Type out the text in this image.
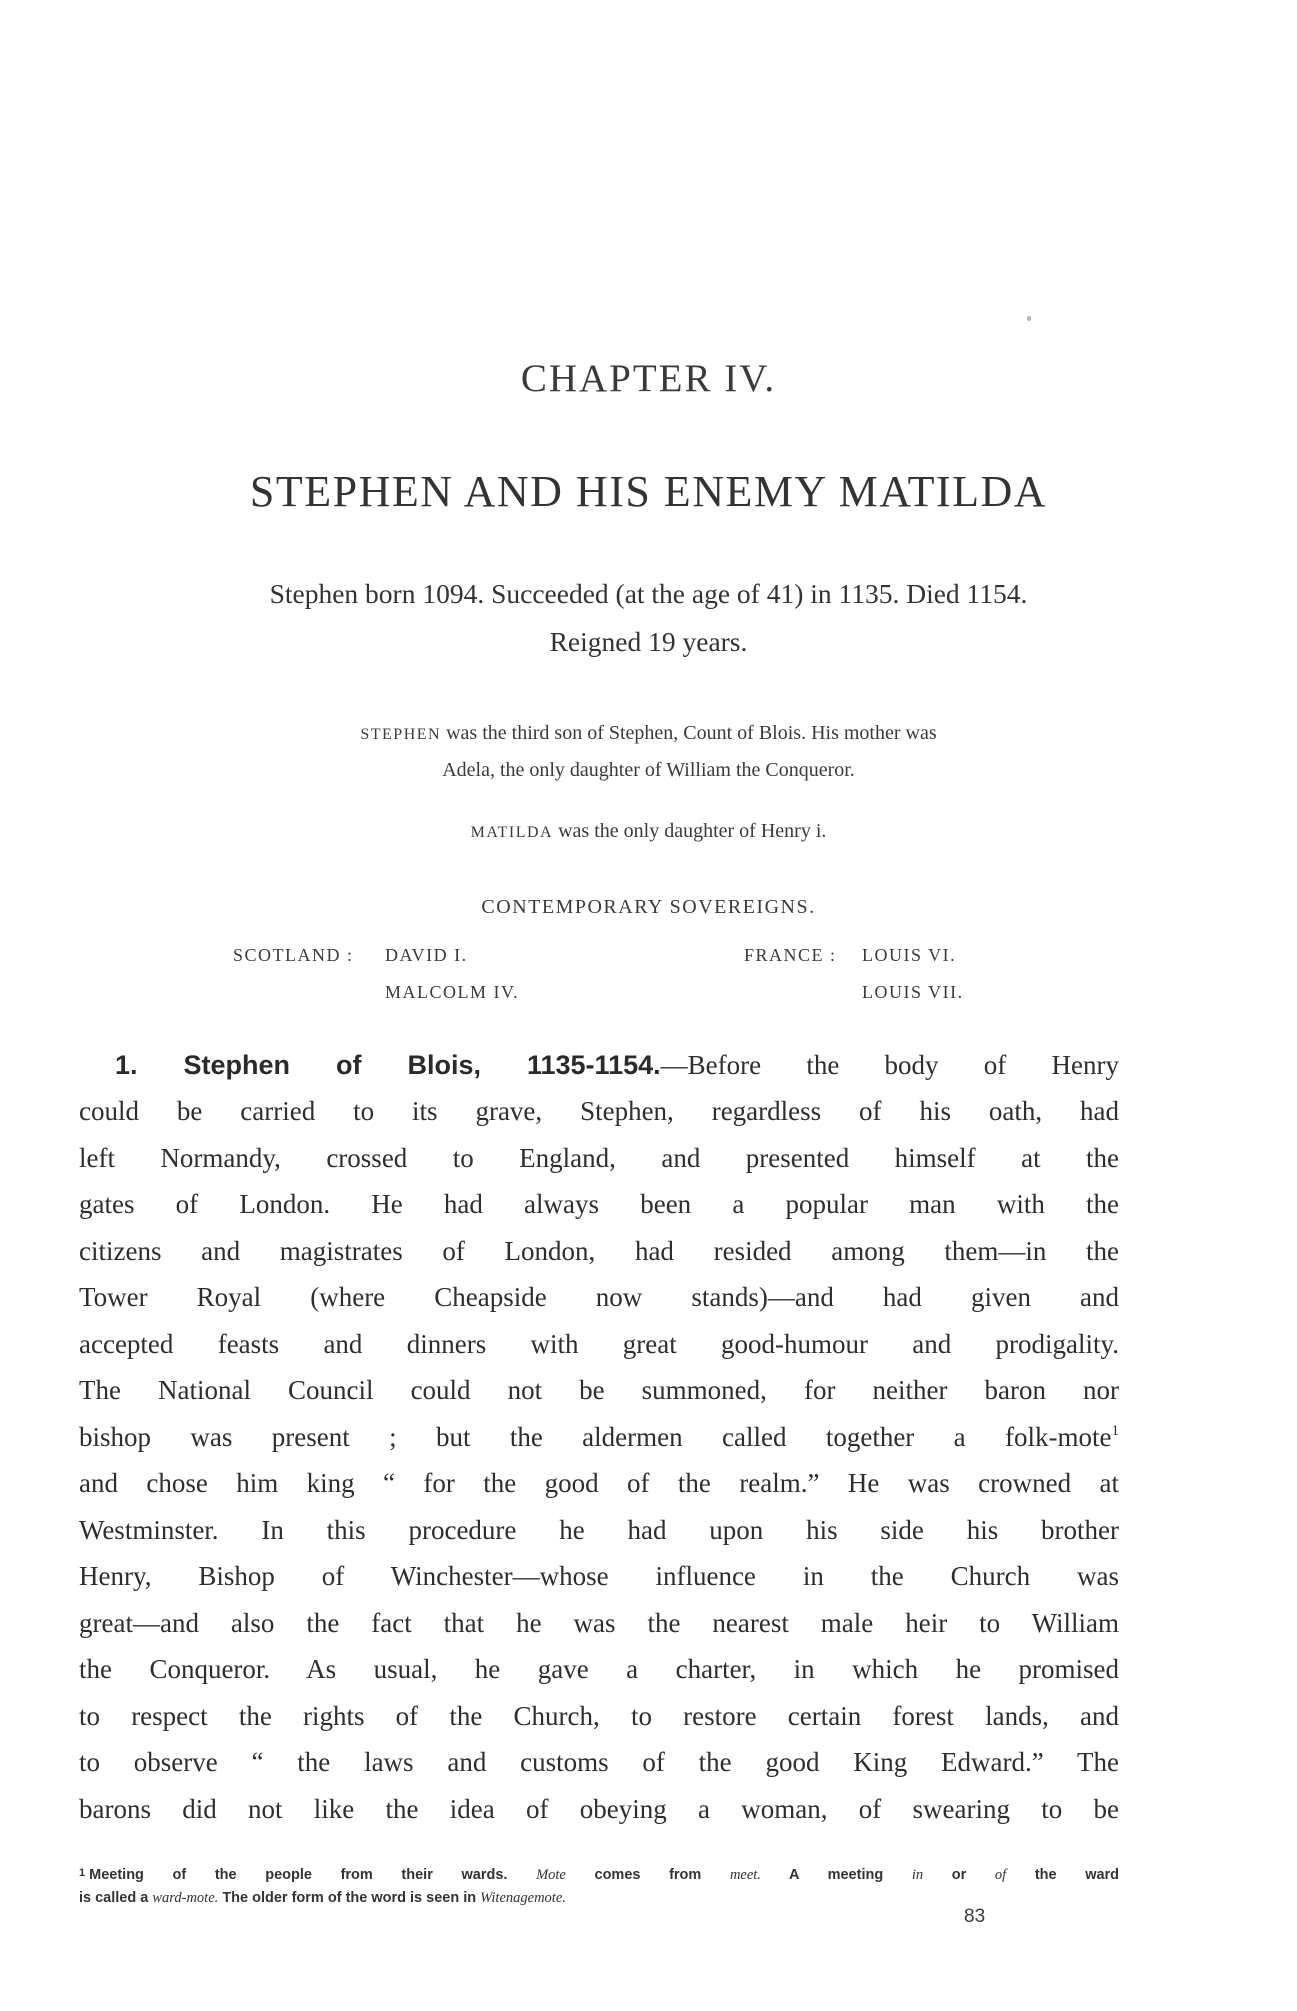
CHAPTER IV.
STEPHEN AND HIS ENEMY MATILDA
Stephen born 1094. Succeeded (at the age of 41) in 1135. Died 1154.
Reigned 19 years.
STEPHEN was the third son of Stephen, Count of Blois. His mother was
Adela, the only daughter of William the Conqueror.
MATILDA was the only daughter of Henry i.
CONTEMPORARY SOVEREIGNS.
SCOTLAND : DAVID I.
MALCOLM IV.
FRANCE : LOUIS VI.
LOUIS VII.
1. Stephen of Blois, 1135-1154.—Before the body of Henry
could be carried to its grave, Stephen, regardless of his oath, had
left Normandy, crossed to England, and presented himself at the
gates of London. He had always been a popular man with the
citizens and magistrates of London, had resided among them—in the
Tower Royal (where Cheapside now stands)—and had given and
accepted feasts and dinners with great good-humour and prodigality.
The National Council could not be summoned, for neither baron nor
bishop was present ; but the aldermen called together a folk-mote$^1$
and chose him king “ for the good of the realm.” He was crowned at
Westminster. In this procedure he had upon his side his brother
Henry, Bishop of Winchester—whose influence in the Church was
great—and also the fact that he was the nearest male heir to William
the Conqueror. As usual, he gave a charter, in which he promised
to respect the rights of the Church, to restore certain forest lands, and
to observe “ the laws and customs of the good King Edward.” The
barons did not like the idea of obeying a woman, of swearing to be
$^1$ Meeting of the people from their wards. Mote comes from meet. A meeting in or of the ward
is called a ward-mote. The older form of the word is seen in Witenagemote.
83
